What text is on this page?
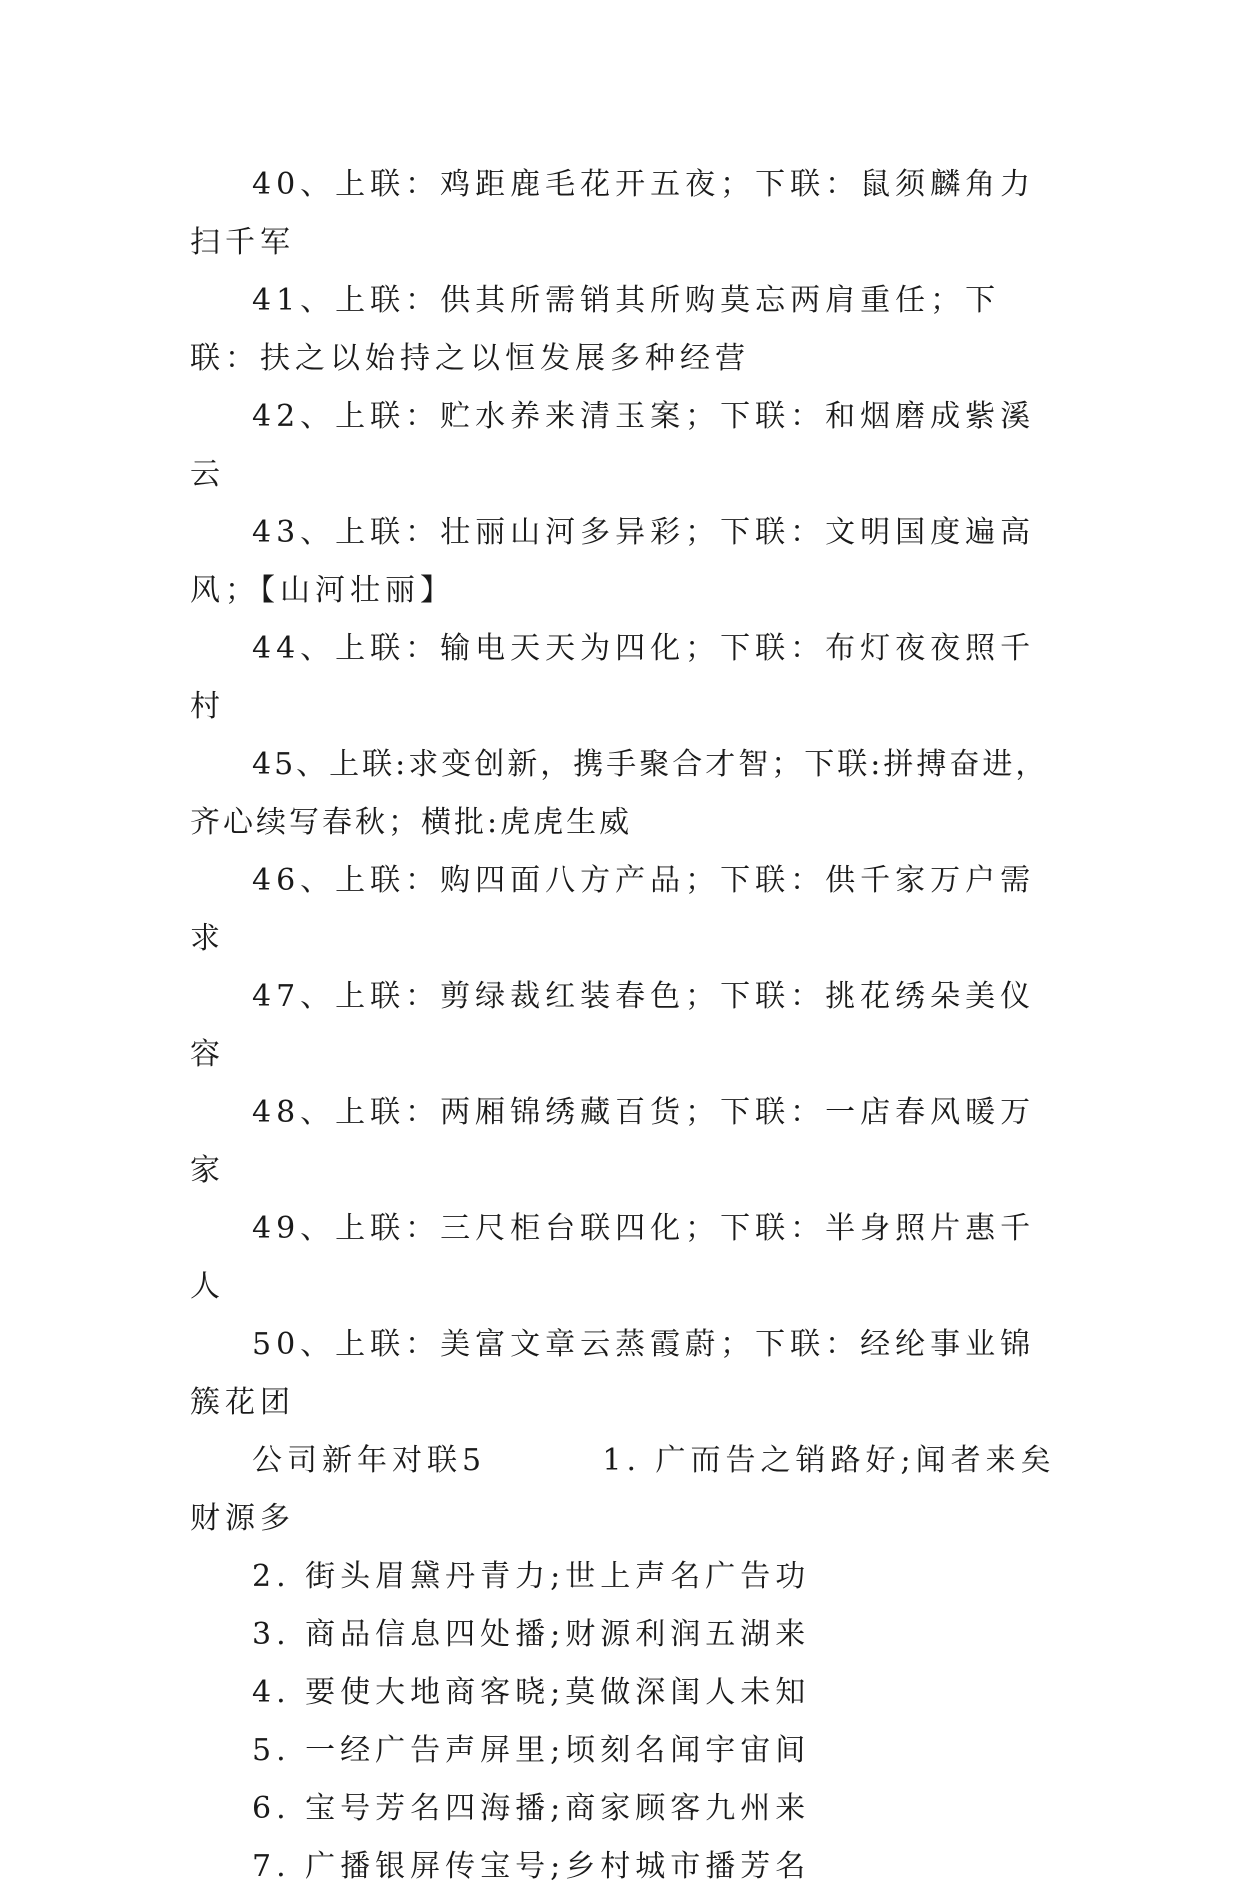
40、上联：鸡距鹿毛花开五夜；下联：鼠须麟角力扫千军

41、上联：供其所需销其所购莫忘两肩重任；下联：扶之以始持之以恒发展多种经营

42、上联：贮水养来清玉案；下联：和烟磨成紫溪云

43、上联：壮丽山河多异彩；下联：文明国度遍高风；【山河壮丽】

44、上联：输电天天为四化；下联：布灯夜夜照千村

45、上联:求变创新，携手聚合才智；下联:拼搏奋进，齐心续写春秋；横批:虎虎生威

46、上联：购四面八方产品；下联：供千家万户需求

47、上联：剪绿裁红装春色；下联：挑花绣朵美仪容

48、上联：两厢锦绣藏百货；下联：一店春风暖万家

49、上联：三尺柜台联四化；下联：半身照片惠千人

50、上联：美富文章云蒸霞蔚；下联：经纶事业锦簇花团

公司新年对联5        1. 广而告之销路好;闻者来矣财源多

2. 街头眉黛丹青力;世上声名广告功

3. 商品信息四处播;财源利润五湖来

4. 要使大地商客晓;莫做深闺人未知

5. 一经广告声屏里;顷刻名闻宇宙间

6. 宝号芳名四海播;商家顾客九州来

7. 广播银屏传宝号;乡村城市播芳名
